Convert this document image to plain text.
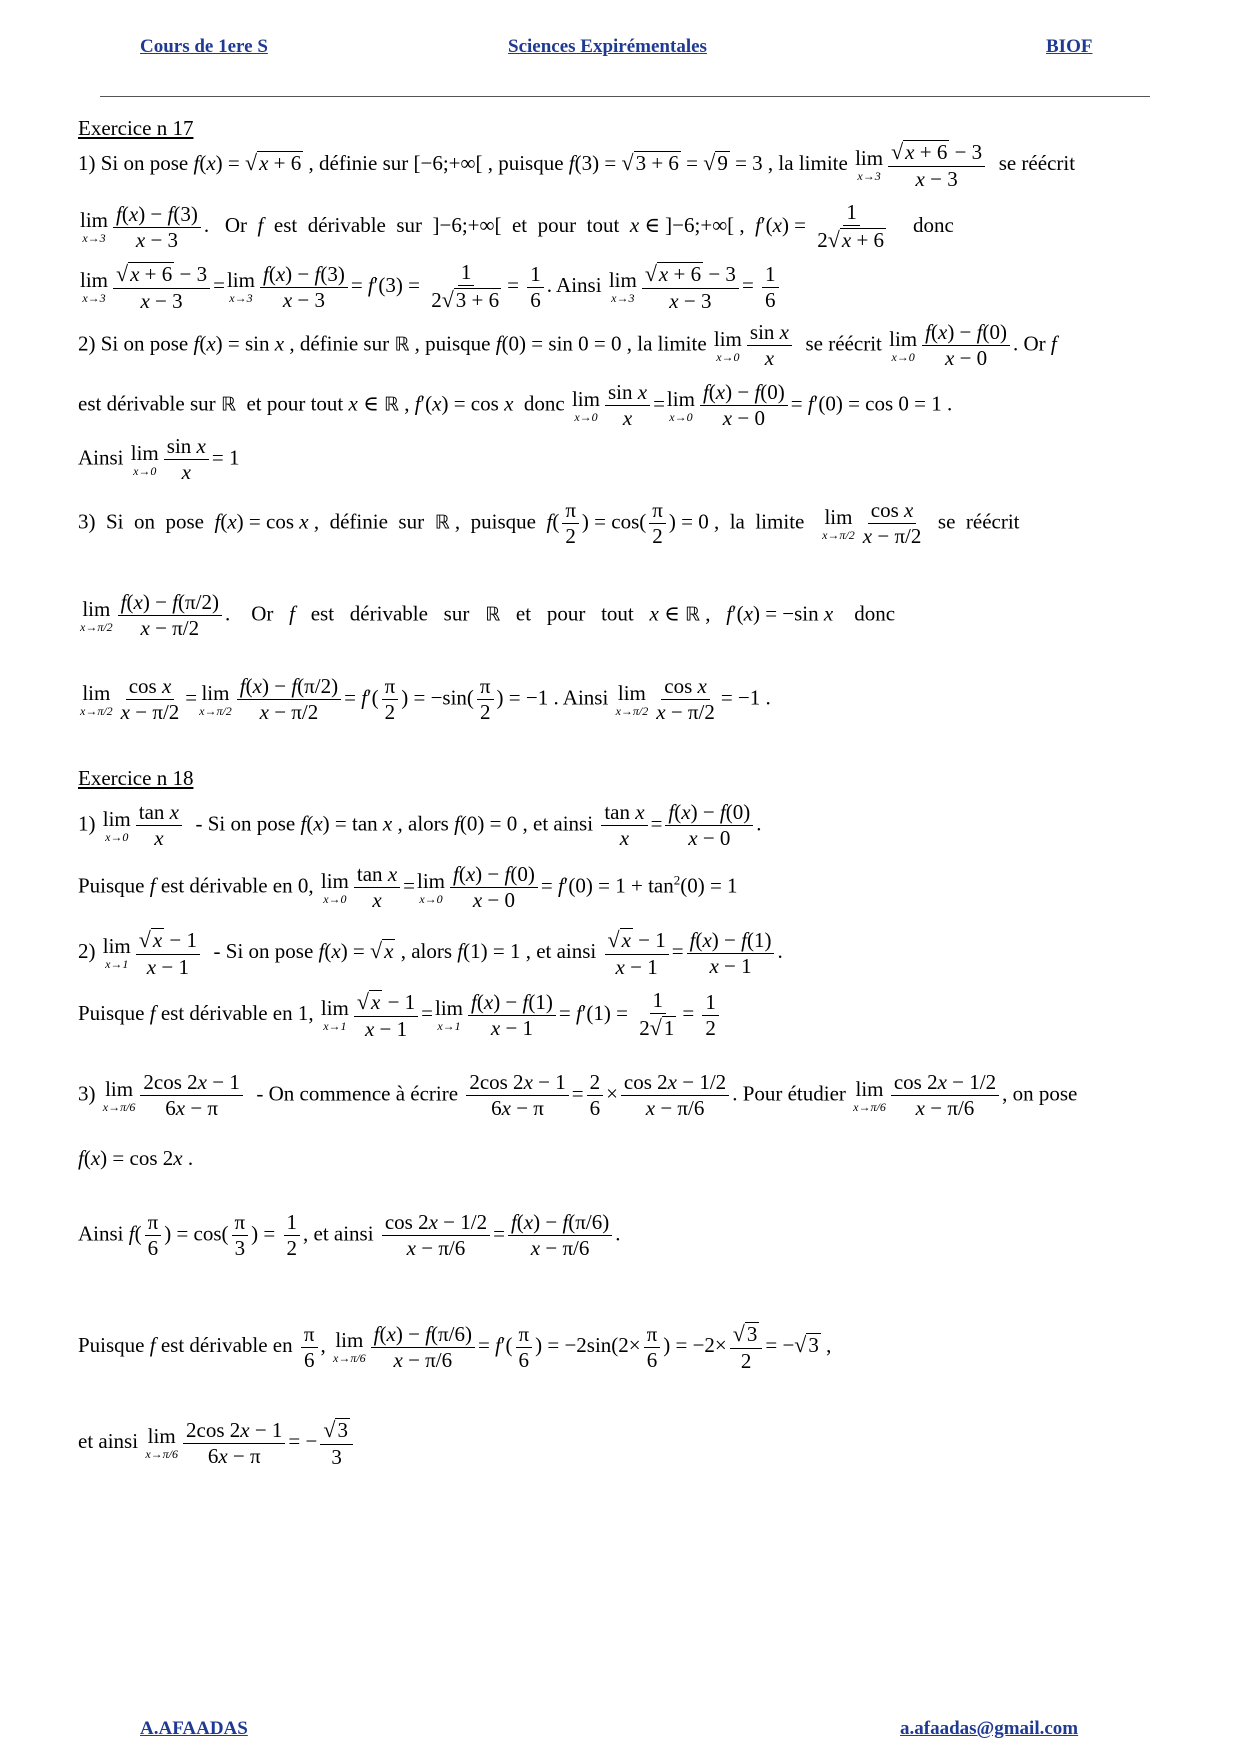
Cours de 1ere S	Sciences Expirémentales	BIOF
Exercice n 17
1) Si on pose f(x) = √x + 6 , définie sur [−6;+∞[ , puisque f(3) = √3 + 6 = √9 = 3 , la limite lim
$x\to 3 \frac{√x + 6 - 3}{x - 3}$ se réécrit
lim
$x\to 3 \frac{f(x) - f(3)}{x - 3}$ .   Or  f  est  dérivable  sur  ]−6;+∞[  et  pour  tout  x ∈ ]−6;+∞[ ,  $f'(x) = \frac{1}{2√x + 6}$ donc
lim
$x\to 3 \frac{√x + 6 - 3}{x - 3} =\lim$
$x\to 3 \frac{f(x) - f(3)}{x - 3} = f'(3) = \frac{1}{2√3 + 6} = \frac{1}{6}$ . Ainsi lim
$x\to 3 \frac{√x + 6 - 3}{x - 3} = \frac{1}{6}$
2) Si on pose f(x) = sin x , définie sur ℝ , puisque f(0) = sin 0 = 0 , la limite lim
$x\to 0 \frac{\text{sin x}}{x}$ se réécrit lim
$x\to 0 \frac{f(x) - f(0)}{x - 0}$ . Or f
est dérivable sur ℝ  et pour tout x ∈ ℝ , f′(x) = cos x  donc lim
$x\to 0 \frac{\text{sin x}}{x} =\lim$
$x\to 0 \frac{f(x) - f(0)}{x - 0} = f'(0) = \cos 0 = 1$ .
Ainsi lim
$x\to 0 \frac{\text{sin x}}{x} = 1$
3)  Si  on  pose  f(x) = cos x ,  définie  sur  ℝ ,  puisque  $f( \frac{\pi}{2}$ ) = $\cos( \frac{\pi}{2}$ ) = 0 ,  la  limite   lim
$x\to\pi/2 \frac{\text{cos x}}{x - \pi/2}$ se  réécrit
lim
$x\to\pi/2 \frac{f(x) - f(\pi/2)}{x - \pi/2}$ .    Or   f   est   dérivable   sur   ℝ   et   pour   tout   x ∈ ℝ ,   f′(x) = −sin x    donc
lim
$x\to\pi/2 \frac{\text{cos x}}{x - \pi/2} = \lim$
$x\to\pi/2 \frac{f(x) - f(\pi/2)}{x - \pi/2} = f'( \frac{\pi}{2}$ ) = $-\sin( \frac{\pi}{2}$ ) = −1 . Ainsi lim
$x\to\pi/2 \frac{\text{cos x}}{x - \pi/2} = -1$ .
Exercice n 18
1) lim
$x\to 0 \frac{\text{tan x}}{x} - Si$ on pose f(x) = tan x , alors f(0) = 0 , et ainsi $\frac{\text{tan x}}{x} = \frac{f(x) - f(0)}{x - 0}$ .
Puisque f est dérivable en 0, lim
$x\to 0 \frac{\text{tan x}}{x} =\lim$
$x\to 0 \frac{f(x) - f(0)}{x - 0} = f'(0) = 1 + \tan^2(0) = 1$
2) lim
$x\to 1 \frac{√x - 1}{x - 1} - Si$ on pose f(x) = √x , alors f(1) = 1 , et ainsi $\frac{√x - 1}{x - 1} = \frac{f(x) - f(1)}{x - 1}$ .
Puisque f est dérivable en 1, lim
$x\to 1 \frac{√x - 1}{x - 1} =\lim$
$x\to 1 \frac{f(x) - f(1)}{x - 1} = f'(1) = \frac{1}{2√1} = \frac{1}{2}$
3) lim
$x\to\pi/6 \frac{2\cos 2x - 1}{6x - \pi} - On$ commence à écrire $\frac{2\cos 2x - 1}{6x - \pi} = \frac{2}{6} \times \frac{\cos 2x - 1/2}{x - \pi/6}$ . Pour étudier lim
$x\to\pi/6 \frac{\cos 2x - 1/2}{x - \pi/6}$ , on pose
f(x) = cos 2x .
Ainsi $f( \frac{\pi}{6}$ ) = $\cos( \frac{\pi}{3}$ ) = $\frac{1}{2}$ , et ainsi $\frac{\cos 2x - 1/2}{x - \pi/6} = \frac{f(x) - f(\pi/6)}{x - \pi/6}$ .
Puisque f est dérivable en $\frac{\pi}{6}$ , lim
$x\to\pi/6 \frac{f(x) - f(\pi/6)}{x - \pi/6} = f'( \frac{\pi}{6}$ ) = $-2\sin(2\times \frac{\pi}{6}$ ) = $-2\times \frac{√3}{2} = -√3$ ,
et ainsi lim
$x\to\pi/6 \frac{2\cos 2x - 1}{6x - \pi}$ = − $\frac{√3}{3}$
A.AFAADAS	a.afaadas@gmail.com
